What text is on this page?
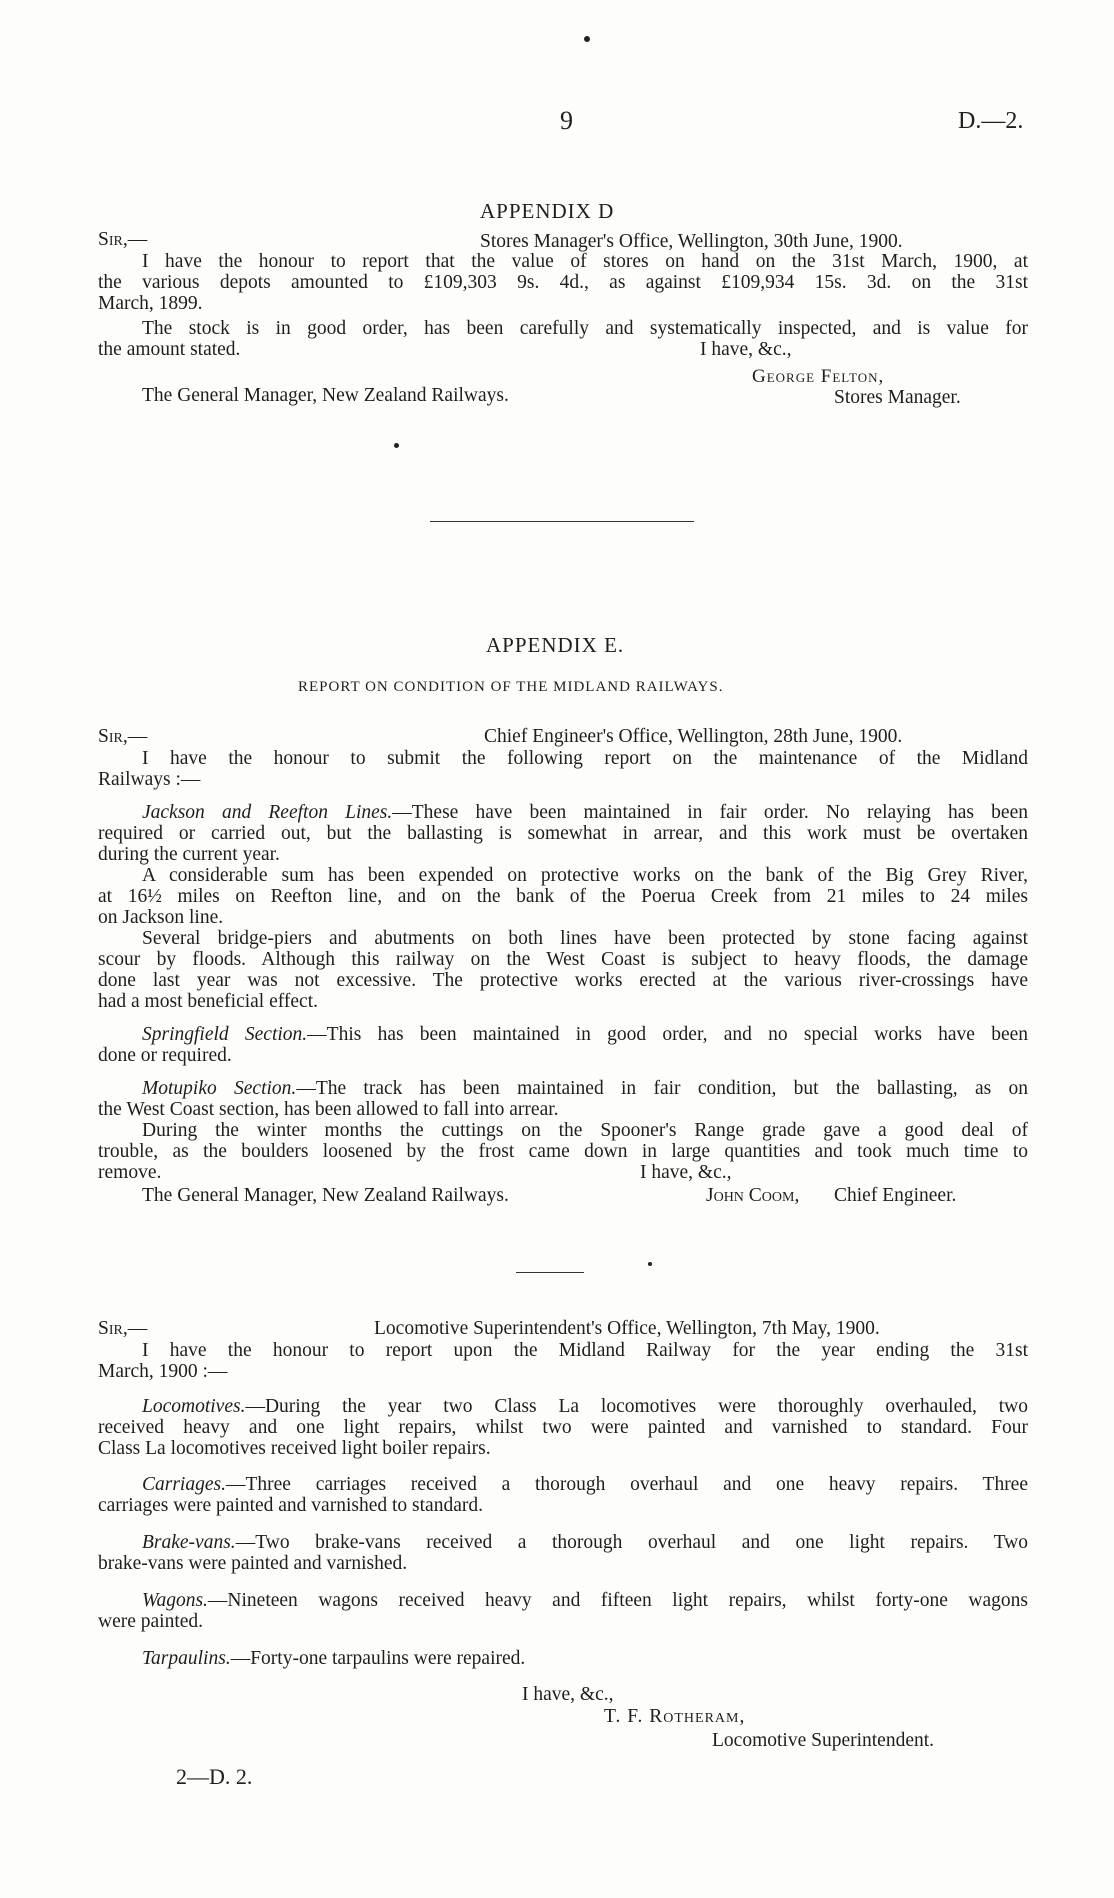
9	D.—2.
APPENDIX D
Sir,—	Stores Manager's Office, Wellington, 30th June, 1900.
I have the honour to report that the value of stores on hand on the 31st March, 1900, at
the various depots amounted to £109,303 9s. 4d., as against £109,934 15s. 3d. on the 31st
March, 1899.
The stock is in good order, has been carefully and systematically inspected, and is value for
the amount stated.	I have, &c.,
George Felton,
The General Manager, New Zealand Railways.	Stores Manager.
APPENDIX E.
REPORT ON CONDITION OF THE MIDLAND RAILWAYS.
Sir,—	Chief Engineer's Office, Wellington, 28th June, 1900.
I have the honour to submit the following report on the maintenance of the Midland
Railways :—
Jackson and Reefton Lines.—These have been maintained in fair order. No relaying has been
required or carried out, but the ballasting is somewhat in arrear, and this work must be overtaken
during the current year.
A considerable sum has been expended on protective works on the bank of the Big Grey River,
at 16½ miles on Reefton line, and on the bank of the Poerua Creek from 21 miles to 24 miles
on Jackson line.
Several bridge-piers and abutments on both lines have been protected by stone facing against
scour by floods. Although this railway on the West Coast is subject to heavy floods, the damage
done last year was not excessive. The protective works erected at the various river-crossings have
had a most beneficial effect.
Springfield Section.—This has been maintained in good order, and no special works have been
done or required.
Motupiko Section.—The track has been maintained in fair condition, but the ballasting, as on
the West Coast section, has been allowed to fall into arrear.
During the winter months the cuttings on the Spooner's Range grade gave a good deal of
trouble, as the boulders loosened by the frost came down in large quantities and took much time to
remove.	I have, &c.,
The General Manager, New Zealand Railways.	John Coom, Chief Engineer.
Sir,—	Locomotive Superintendent's Office, Wellington, 7th May, 1900.
I have the honour to report upon the Midland Railway for the year ending the 31st
March, 1900 :—
Locomotives.—During the year two Class La locomotives were thoroughly overhauled, two
received heavy and one light repairs, whilst two were painted and varnished to standard. Four
Class La locomotives received light boiler repairs.
Carriages.—Three carriages received a thorough overhaul and one heavy repairs. Three
carriages were painted and varnished to standard.
Brake-vans.—Two brake-vans received a thorough overhaul and one light repairs. Two
brake-vans were painted and varnished.
Wagons.—Nineteen wagons received heavy and fifteen light repairs, whilst forty-one wagons
were painted.
Tarpaulins.—Forty-one tarpaulins were repaired.
I have, &c.,
T. F. Rotheram,
Locomotive Superintendent.
2—D. 2.
